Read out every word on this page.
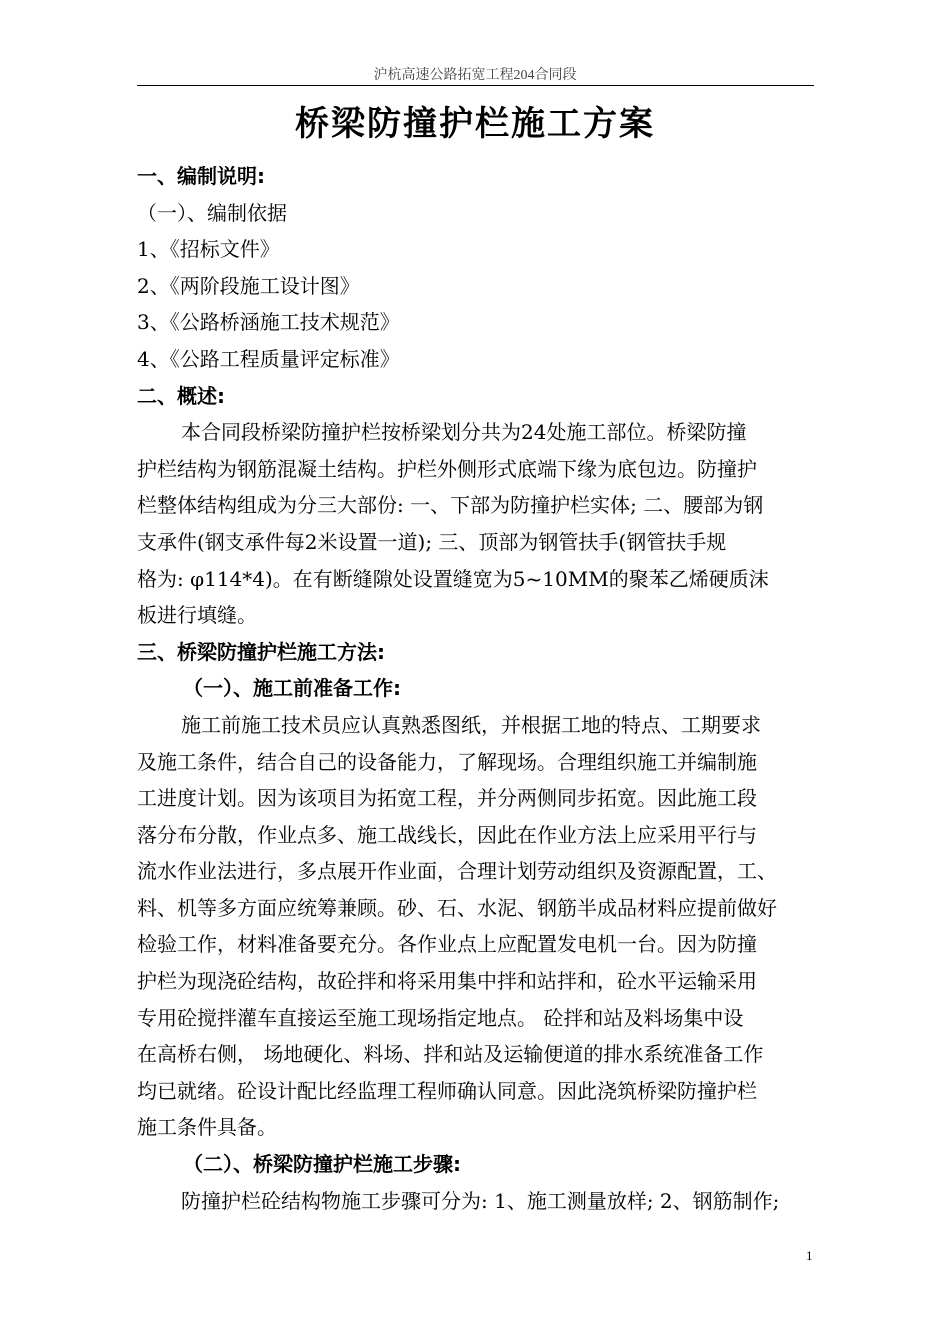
沪杭高速公路拓宽工程204合同段
桥梁防撞护栏施工方案
一、编制说明:
（一）、编制依据
1、《招标文件》
2、《两阶段施工设计图》
3、《公路桥涵施工技术规范》
4、《公路工程质量评定标准》
二、概述:
本合同段桥梁防撞护栏按桥梁划分共为24处施工部位。桥梁防撞
护栏结构为钢筋混凝土结构。护栏外侧形式底端下缘为底包边。防撞护
栏整体结构组成为分三大部份: 一、下部为防撞护栏实体; 二、腰部为钢
支承件(钢支承件每2米设置一道); 三、顶部为钢管扶手(钢管扶手规
格为: φ114*4)。在有断缝隙处设置缝宽为5~10MM的聚苯乙烯硬质沫
板进行填缝。
三、桥梁防撞护栏施工方法:
（一）、施工前准备工作:
施工前施工技术员应认真熟悉图纸，并根据工地的特点、工期要求
及施工条件，结合自己的设备能力，了解现场。合理组织施工并编制施
工进度计划。因为该项目为拓宽工程，并分两侧同步拓宽。因此施工段
落分布分散，作业点多、施工战线长，因此在作业方法上应采用平行与
流水作业法进行，多点展开作业面，合理计划劳动组织及资源配置，工、
料、机等多方面应统筹兼顾。砂、石、水泥、钢筋半成品材料应提前做好
检验工作，材料准备要充分。各作业点上应配置发电机一台。因为防撞
护栏为现浇砼结构，故砼拌和将采用集中拌和站拌和，砼水平运输采用
专用砼搅拌灌车直接运至施工现场指定地点。 砼拌和站及料场集中设
在高桥右侧， 场地硬化、料场、拌和站及运输便道的排水系统准备工作
均已就绪。砼设计配比经监理工程师确认同意。因此浇筑桥梁防撞护栏
施工条件具备。
（二）、桥梁防撞护栏施工步骤:
防撞护栏砼结构物施工步骤可分为: 1、施工测量放样; 2、钢筋制作;
1
